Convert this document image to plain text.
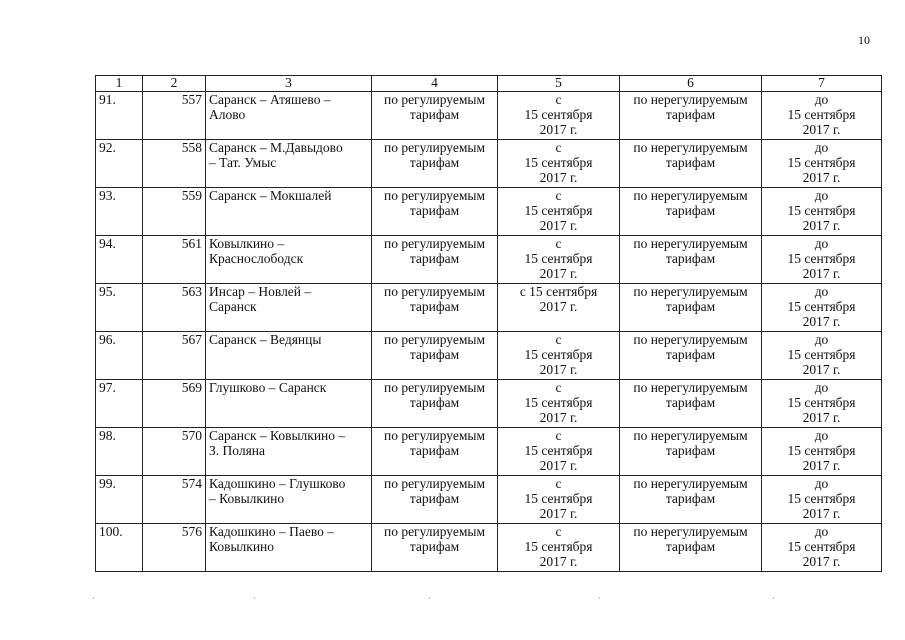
10
1	2	3	4	5	6	7
91.	557	Саранск – Атяшево –
Алово	по регулируемым
тарифам	с
15 сентября
2017 г.	по нерегулируемым
тарифам	до
15 сентября
2017 г.

92.	558	Саранск – М.Давыдово
– Тат. Умыс	по регулируемым
тарифам	с
15 сентября
2017 г.	по нерегулируемым
тарифам	до
15 сентября
2017 г.

93.	559	Саранск – Мокшалей	по регулируемым
тарифам	с
15 сентября
2017 г.	по нерегулируемым
тарифам	до
15 сентября
2017 г.

94.	561	Ковылкино –
Краснослободск	по регулируемым
тарифам	с
15 сентября
2017 г.	по нерегулируемым
тарифам	до
15 сентября
2017 г.

95.	563	Инсар – Новлей –
Саранск	по регулируемым
тарифам	с 15 сентября
2017 г.	по нерегулируемым
тарифам	до
15 сентября
2017 г.

96.	567	Саранск – Ведянцы	по регулируемым
тарифам	с
15 сентября
2017 г.	по нерегулируемым
тарифам	до
15 сентября
2017 г.

97.	569	Глушково – Саранск	по регулируемым
тарифам	с
15 сентября
2017 г.	по нерегулируемым
тарифам	до
15 сентября
2017 г.

98.	570	Саранск – Ковылкино –
З. Поляна	по регулируемым
тарифам	с
15 сентября
2017 г.	по нерегулируемым
тарифам	до
15 сентября
2017 г.

99.	574	Кадошкино – Глушково
– Ковылкино	по регулируемым
тарифам	с
15 сентября
2017 г.	по нерегулируемым
тарифам	до
15 сентября
2017 г.

100.	576	Кадошкино – Паево –
Ковылкино	по регулируемым
тарифам	с
15 сентября
2017 г.	по нерегулируемым
тарифам	до
15 сентября
2017 г.
·	·	·	·	·
